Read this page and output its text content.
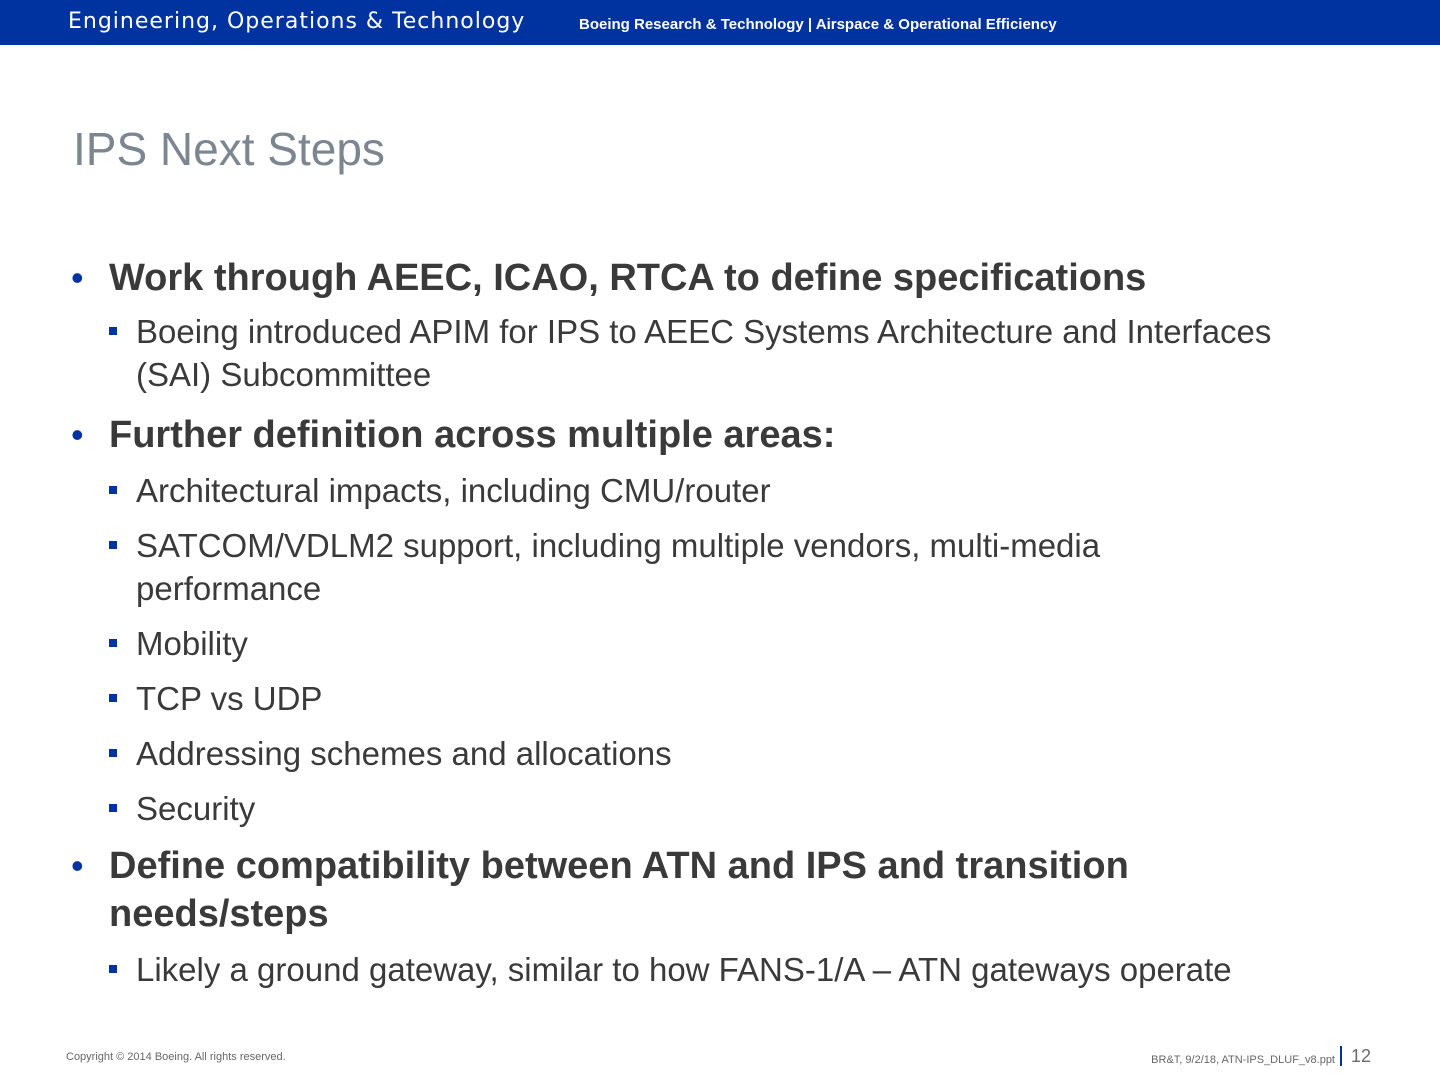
Engineering, Operations & Technology	Boeing Research & Technology | Airspace & Operational Efficiency
IPS Next Steps
• Work through AEEC, ICAO, RTCA to define specifications
Boeing introduced APIM for IPS to AEEC Systems Architecture and Interfaces (SAI) Subcommittee
• Further definition across multiple areas:
Architectural impacts, including CMU/router
SATCOM/VDLM2 support, including multiple vendors, multi-media performance
Mobility
TCP vs UDP
Addressing schemes and allocations
Security
• Define compatibility between ATN and IPS and transition needs/steps
Likely a ground gateway, similar to how FANS-1/A – ATN gateways operate
Copyright © 2014 Boeing. All rights reserved.	BR&T, 9/2/18, ATN-IPS_DLUF_v8.ppt 12
